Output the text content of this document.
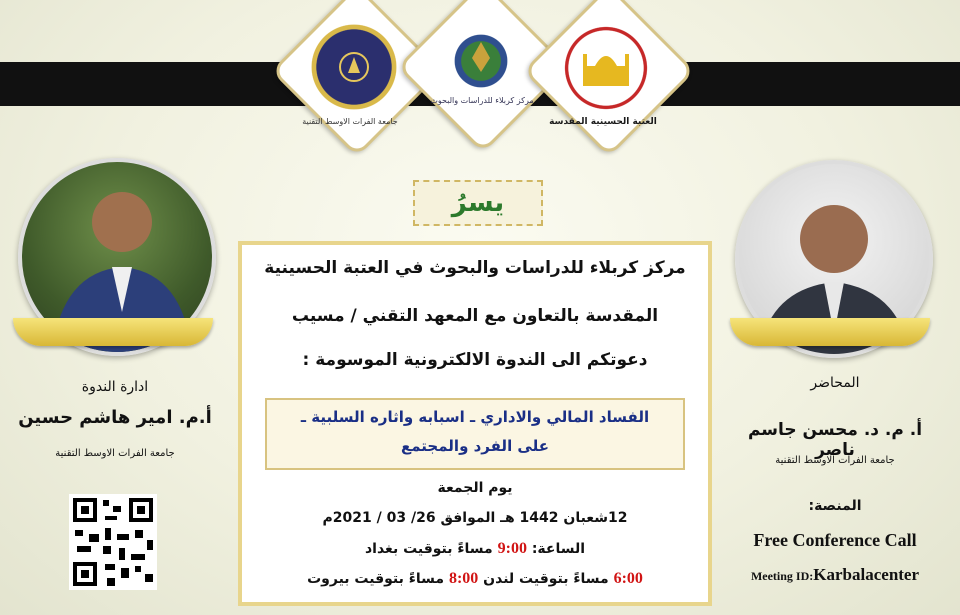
جامعة الفرات الاوسط التقنية
مركز كربلاء للدراسات والبحوث
العتبة الحسينية المقدسة
يسرُ
مركز كربلاء للدراسات والبحوث في العتبة الحسينية
المقدسة بالتعاون مع المعهد التقني / مسيب
دعوتكم الى الندوة الالكترونية الموسومة :
الفساد المالي والاداري ـ اسبابه واثاره السلبية ـ
على الفرد والمجتمع
يوم الجمعة
12شعبان 1442 هـ الموافق 26/ 03 / 2021م
الساعة: 9:00 مساءً بتوقيت بغداد
6:00 مساءً بتوقيت لندن 8:00 مساءً بتوقيت بيروت
ادارة الندوة
أ.م. امير هاشم حسين
جامعة الفرات الاوسط التقنية
المحاضر
أ. م. د. محسن جاسم ناصر
جامعة الفرات الاوسط التقنية
المنصة:
Free Conference Call
Meeting ID:Karbalacenter
